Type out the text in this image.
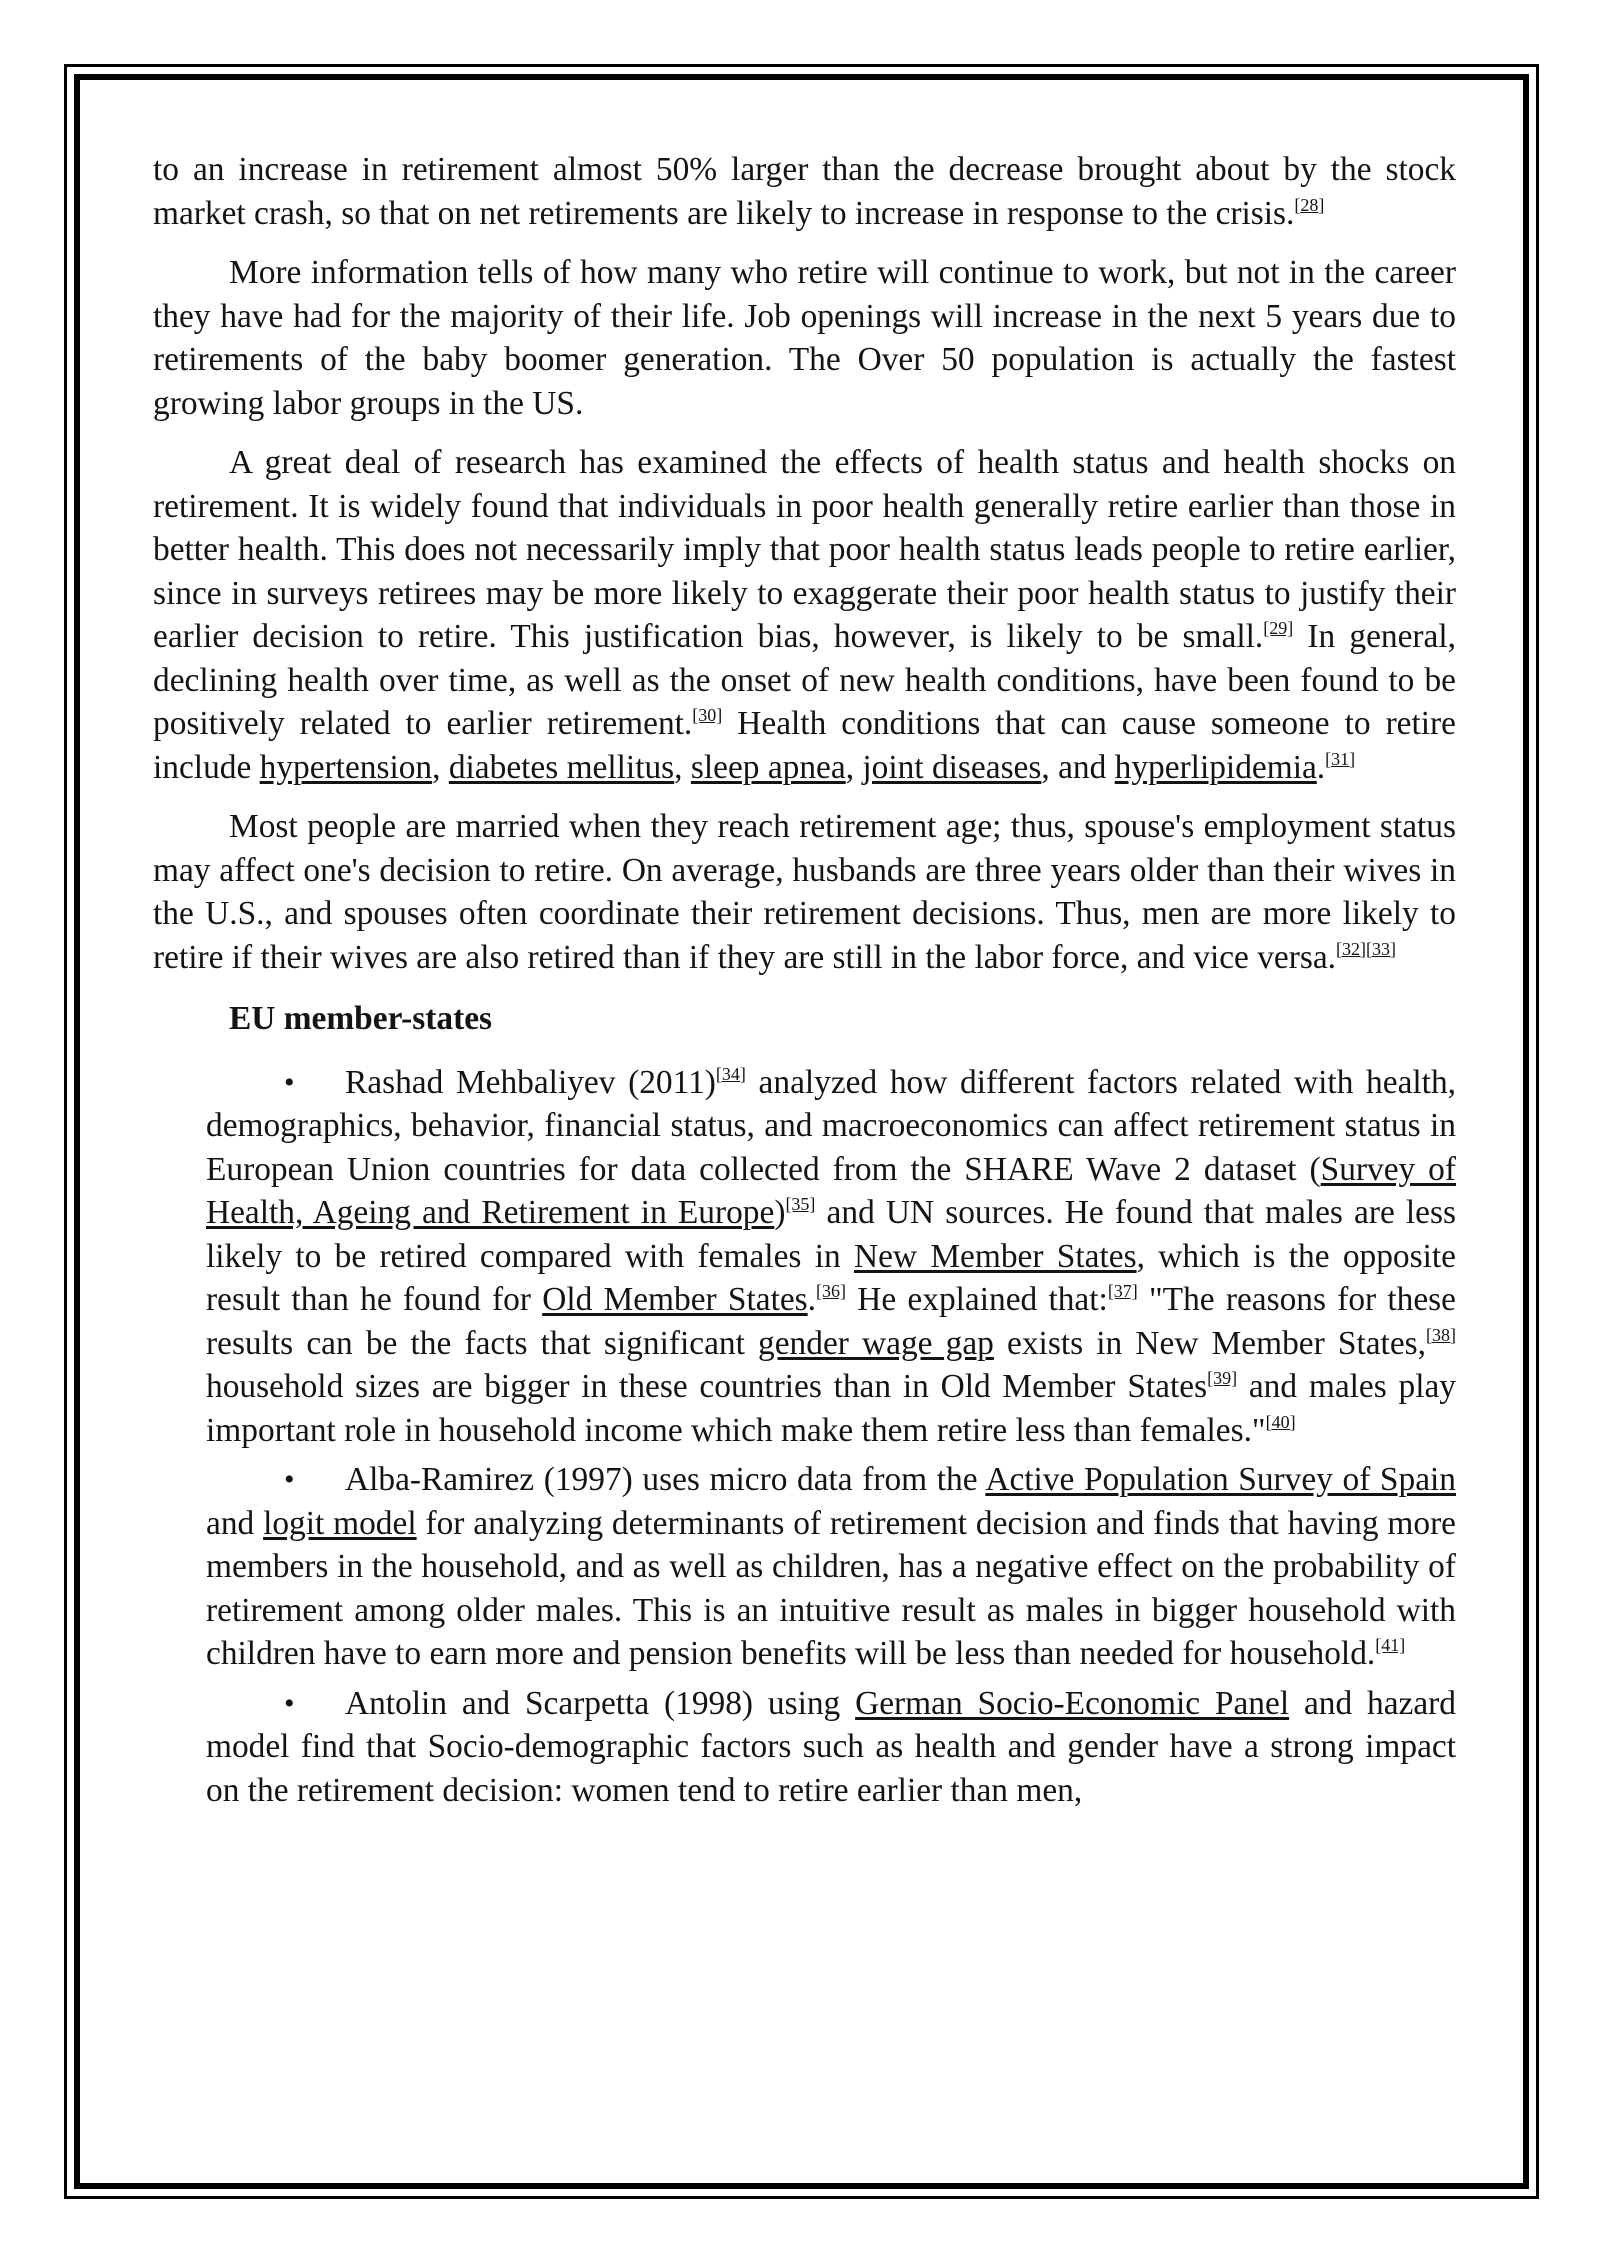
to an increase in retirement almost 50% larger than the decrease brought about by the stock market crash, so that on net retirements are likely to increase in response to the crisis.[28]

More information tells of how many who retire will continue to work, but not in the career they have had for the majority of their life. Job openings will increase in the next 5 years due to retirements of the baby boomer generation. The Over 50 population is actually the fastest growing labor groups in the US.

A great deal of research has examined the effects of health status and health shocks on retirement. It is widely found that individuals in poor health generally retire earlier than those in better health. This does not necessarily imply that poor health status leads people to retire earlier, since in surveys retirees may be more likely to exaggerate their poor health status to justify their earlier decision to retire. This justification bias, however, is likely to be small.[29] In general, declining health over time, as well as the onset of new health conditions, have been found to be positively related to earlier retirement.[30] Health conditions that can cause someone to retire include hypertension, diabetes mellitus, sleep apnea, joint diseases, and hyperlipidemia.[31]

Most people are married when they reach retirement age; thus, spouse's employment status may affect one's decision to retire. On average, husbands are three years older than their wives in the U.S., and spouses often coordinate their retirement decisions. Thus, men are more likely to retire if their wives are also retired than if they are still in the labor force, and vice versa.[32][33]

EU member-states
• Rashad Mehbaliyev (2011)[34] analyzed how different factors related with health, demographics, behavior, financial status, and macroeconomics can affect retirement status in European Union countries for data collected from the SHARE Wave 2 dataset (Survey of Health, Ageing and Retirement in Europe)[35] and UN sources. He found that males are less likely to be retired compared with females in New Member States, which is the opposite result than he found for Old Member States.[36] He explained that:[37] "The reasons for these results can be the facts that significant gender wage gap exists in New Member States,[38] household sizes are bigger in these countries than in Old Member States[39] and males play important role in household income which make them retire less than females."[40]
• Alba-Ramirez (1997) uses micro data from the Active Population Survey of Spain and logit model for analyzing determinants of retirement decision and finds that having more members in the household, and as well as children, has a negative effect on the probability of retirement among older males. This is an intuitive result as males in bigger household with children have to earn more and pension benefits will be less than needed for household.[41]
• Antolin and Scarpetta (1998) using German Socio-Economic Panel and hazard model find that Socio-demographic factors such as health and gender have a strong impact on the retirement decision: women tend to retire earlier than men,
